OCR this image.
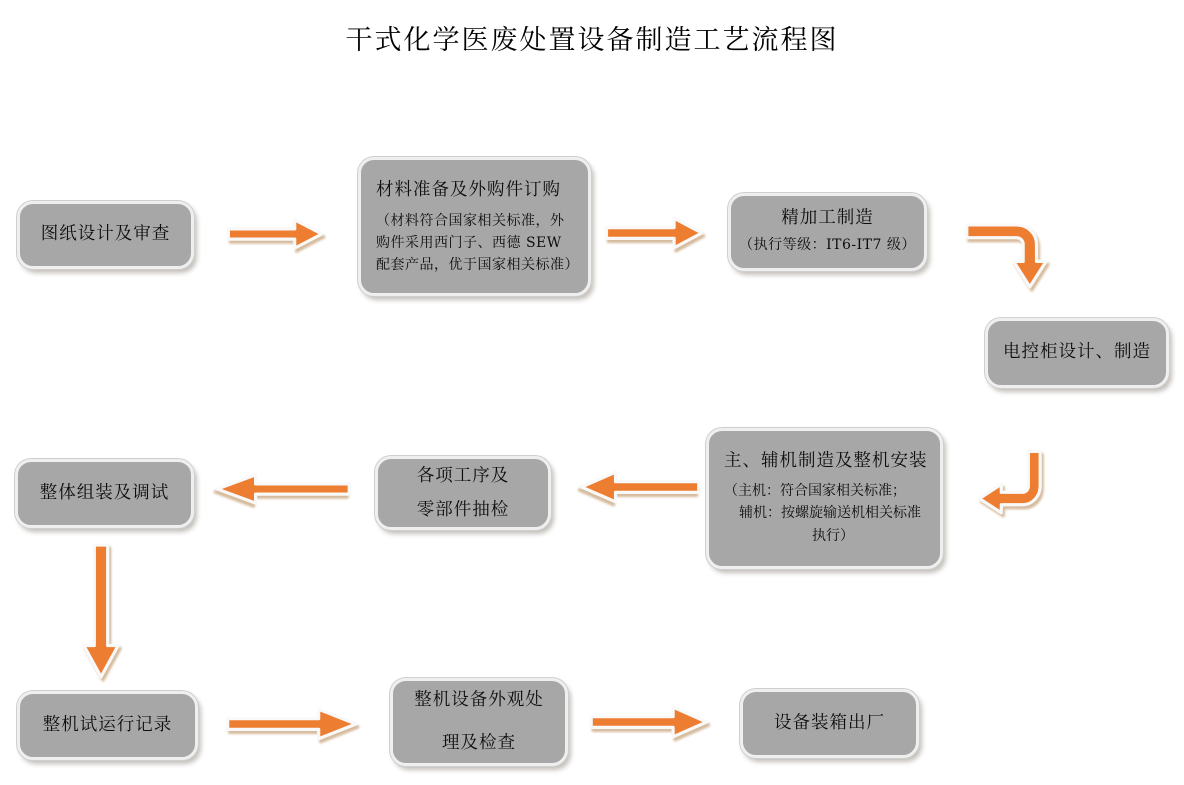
干式化学医废处置设备制造工艺流程图
图纸设计及审查
材料准备及外购件订购
（材料符合国家相关标准，外购件采用西门子、西德 SEW 配套产品，优于国家相关标准）
精加工制造
（执行等级：IT6-IT7 级）
电控柜设计、制造
主、辅机制造及整机安装
（主机：符合国家相关标准；
辅机：按螺旋输送机相关标准
执行）
各项工序及
零部件抽检
整体组装及调试
整机试运行记录
整机设备外观处
理及检查
设备装箱出厂
